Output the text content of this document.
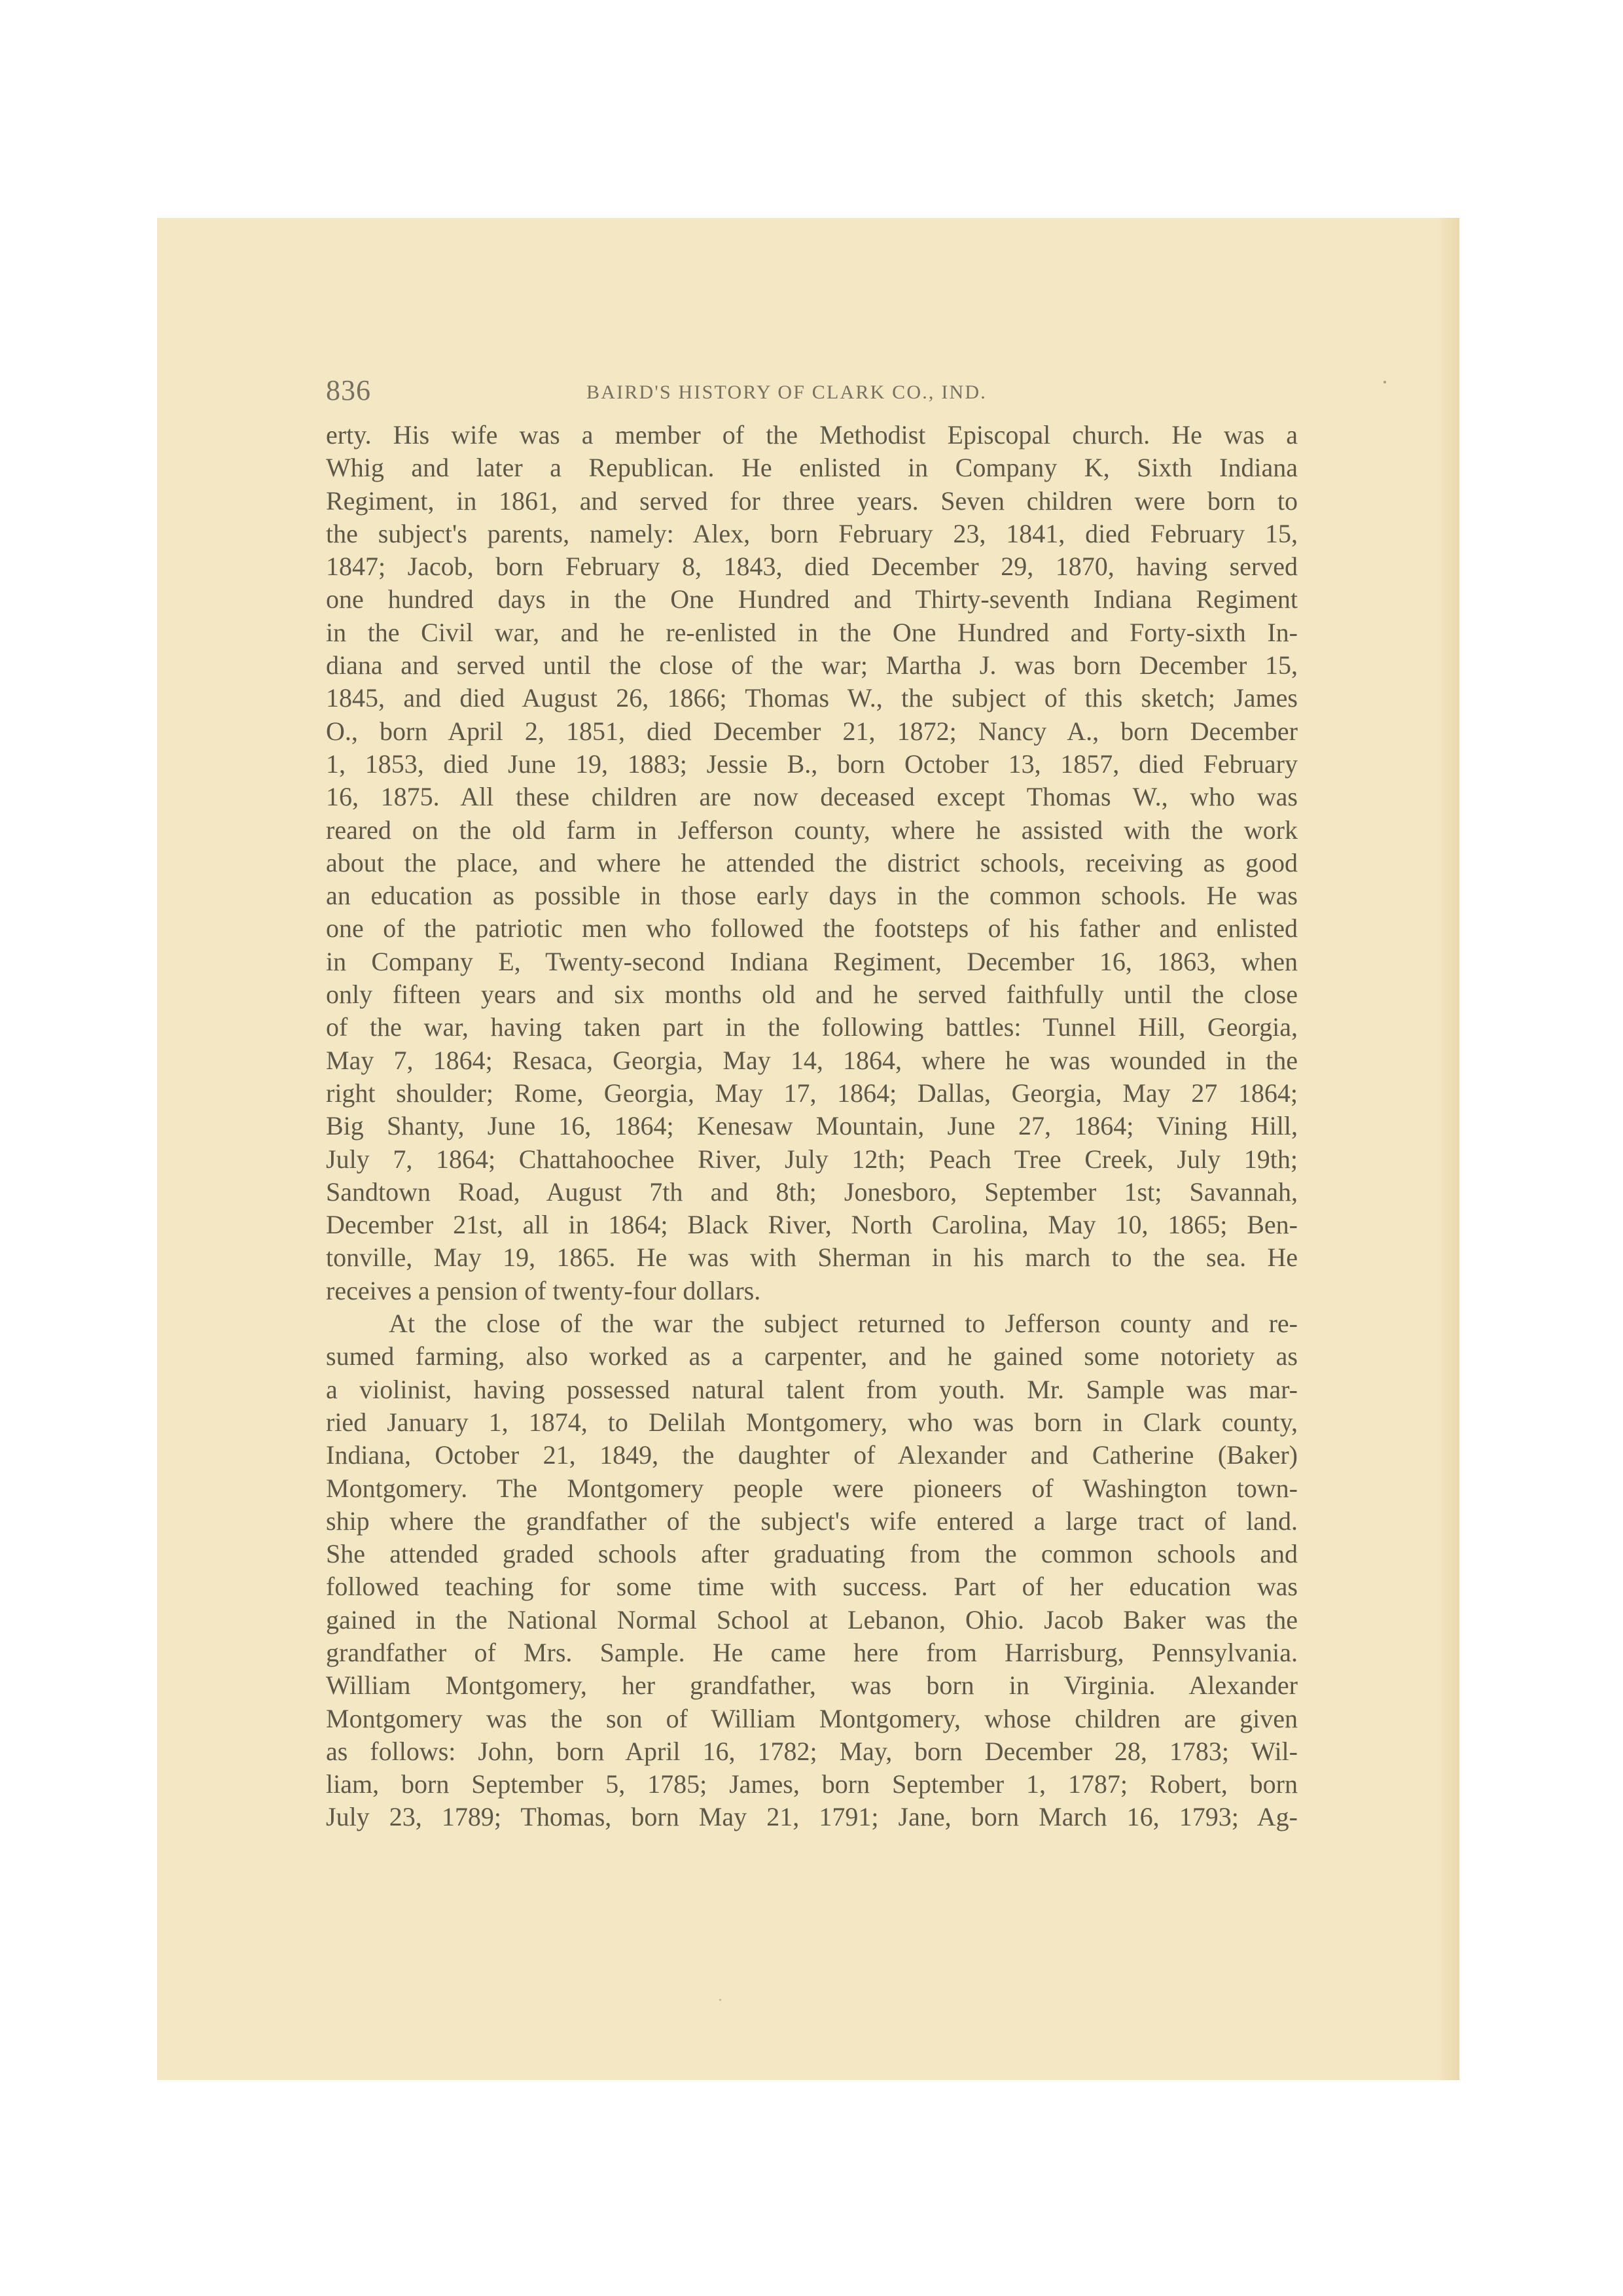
836	BAIRD'S HISTORY OF CLARK CO., IND.
erty. His wife was a member of the Methodist Episcopal church. He was a
Whig and later a Republican. He enlisted in Company K, Sixth Indiana
Regiment, in 1861, and served for three years. Seven children were born to
the subject's parents, namely: Alex, born February 23, 1841, died February 15,
1847; Jacob, born February 8, 1843, died December 29, 1870, having served
one hundred days in the One Hundred and Thirty-seventh Indiana Regiment
in the Civil war, and he re-enlisted in the One Hundred and Forty-sixth In-
diana and served until the close of the war; Martha J. was born December 15,
1845, and died August 26, 1866; Thomas W., the subject of this sketch; James
O., born April 2, 1851, died December 21, 1872; Nancy A., born December
1, 1853, died June 19, 1883; Jessie B., born October 13, 1857, died February
16, 1875. All these children are now deceased except Thomas W., who was
reared on the old farm in Jefferson county, where he assisted with the work
about the place, and where he attended the district schools, receiving as good
an education as possible in those early days in the common schools. He was
one of the patriotic men who followed the footsteps of his father and enlisted
in Company E, Twenty-second Indiana Regiment, December 16, 1863, when
only fifteen years and six months old and he served faithfully until the close
of the war, having taken part in the following battles: Tunnel Hill, Georgia,
May 7, 1864; Resaca, Georgia, May 14, 1864, where he was wounded in the
right shoulder; Rome, Georgia, May 17, 1864; Dallas, Georgia, May 27 1864;
Big Shanty, June 16, 1864; Kenesaw Mountain, June 27, 1864; Vining Hill,
July 7, 1864; Chattahoochee River, July 12th; Peach Tree Creek, July 19th;
Sandtown Road, August 7th and 8th; Jonesboro, September 1st; Savannah,
December 21st, all in 1864; Black River, North Carolina, May 10, 1865; Ben-
tonville, May 19, 1865. He was with Sherman in his march to the sea. He
receives a pension of twenty-four dollars.
At the close of the war the subject returned to Jefferson county and re-
sumed farming, also worked as a carpenter, and he gained some notoriety as
a violinist, having possessed natural talent from youth. Mr. Sample was mar-
ried January 1, 1874, to Delilah Montgomery, who was born in Clark county,
Indiana, October 21, 1849, the daughter of Alexander and Catherine (Baker)
Montgomery. The Montgomery people were pioneers of Washington town-
ship where the grandfather of the subject's wife entered a large tract of land.
She attended graded schools after graduating from the common schools and
followed teaching for some time with success. Part of her education was
gained in the National Normal School at Lebanon, Ohio. Jacob Baker was the
grandfather of Mrs. Sample. He came here from Harrisburg, Pennsylvania.
William Montgomery, her grandfather, was born in Virginia. Alexander
Montgomery was the son of William Montgomery, whose children are given
as follows: John, born April 16, 1782; May, born December 28, 1783; Wil-
liam, born September 5, 1785; James, born September 1, 1787; Robert, born
July 23, 1789; Thomas, born May 21, 1791; Jane, born March 16, 1793; Ag-
